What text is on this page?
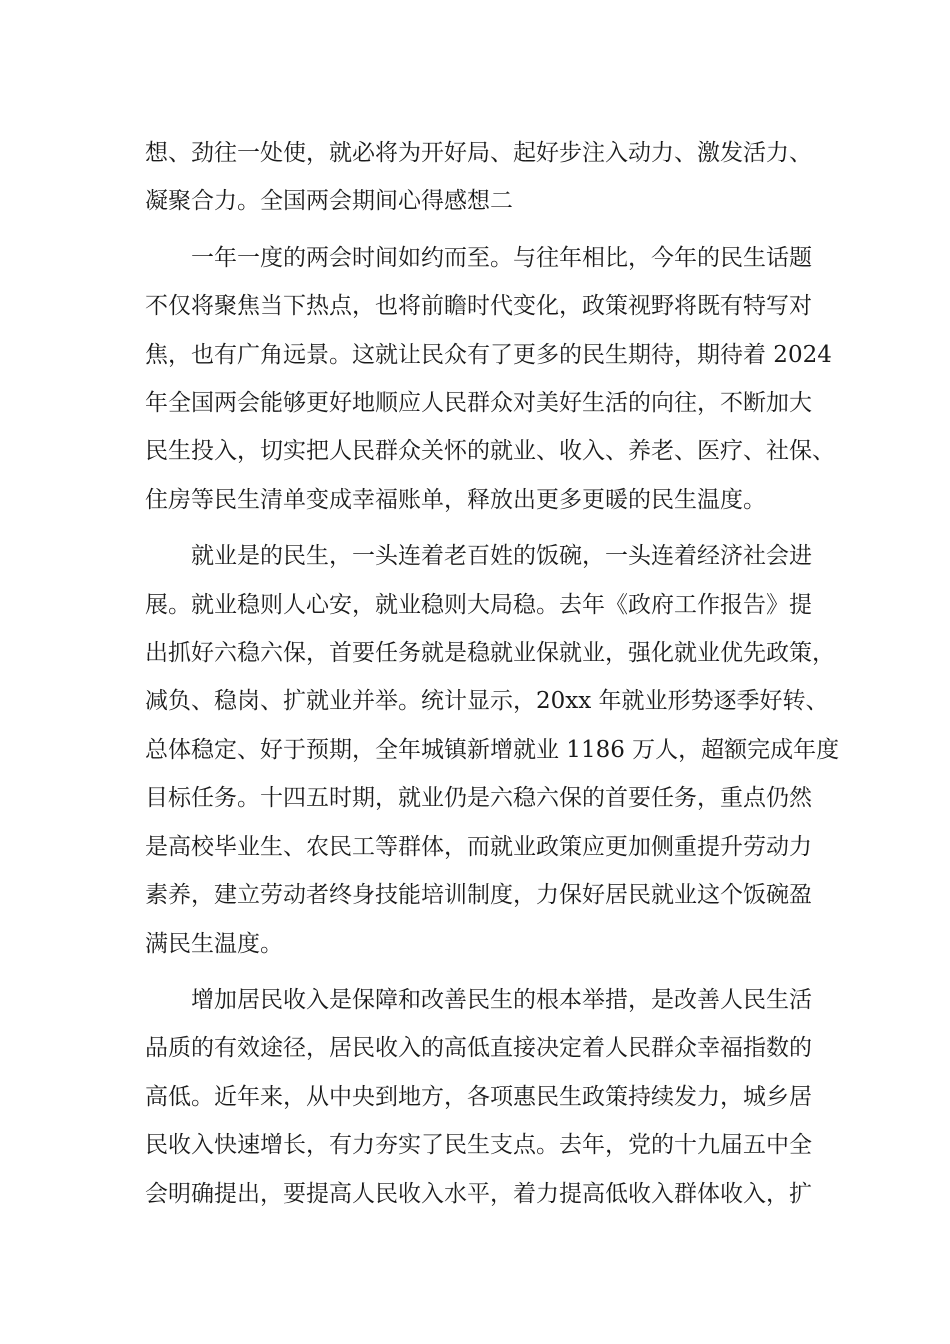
想、劲往一处使，就必将为开好局、起好步注入动力、激发活力、
凝聚合力。全国两会期间心得感想二
一年一度的两会时间如约而至。与往年相比，今年的民生话题
不仅将聚焦当下热点，也将前瞻时代变化，政策视野将既有特写对
焦，也有广角远景。这就让民众有了更多的民生期待，期待着 2024
年全国两会能够更好地顺应人民群众对美好生活的向往，不断加大
民生投入，切实把人民群众关怀的就业、收入、养老、医疗、社保、
住房等民生清单变成幸福账单，释放出更多更暖的民生温度。
就业是的民生，一头连着老百姓的饭碗，一头连着经济社会进
展。就业稳则人心安，就业稳则大局稳。去年《政府工作报告》提
出抓好六稳六保，首要任务就是稳就业保就业，强化就业优先政策，
减负、稳岗、扩就业并举。统计显示，20xx 年就业形势逐季好转、
总体稳定、好于预期，全年城镇新增就业 1186 万人，超额完成年度
目标任务。十四五时期，就业仍是六稳六保的首要任务，重点仍然
是高校毕业生、农民工等群体，而就业政策应更加侧重提升劳动力
素养，建立劳动者终身技能培训制度，力保好居民就业这个饭碗盈
满民生温度。
增加居民收入是保障和改善民生的根本举措，是改善人民生活
品质的有效途径，居民收入的高低直接决定着人民群众幸福指数的
高低。近年来，从中央到地方，各项惠民生政策持续发力，城乡居
民收入快速增长，有力夯实了民生支点。去年，党的十九届五中全
会明确提出，要提高人民收入水平，着力提高低收入群体收入，扩
